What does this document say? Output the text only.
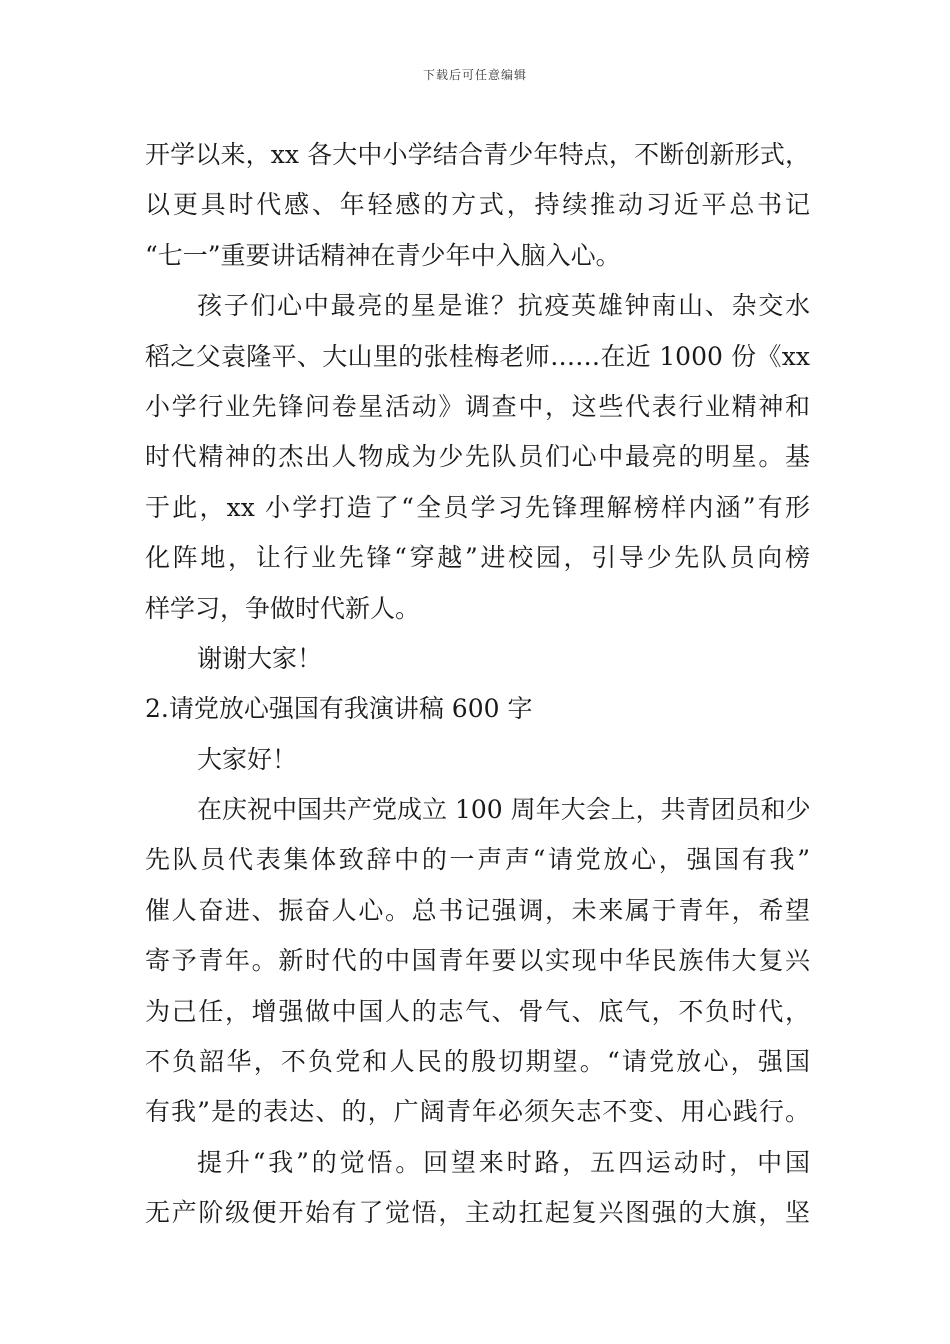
下载后可任意编辑
开学以来，xx 各大中小学结合青少年特点，不断创新形式，
以更具时代感、年轻感的方式，持续推动习近平总书记
“七一”重要讲话精神在青少年中入脑入心。
孩子们心中最亮的星是谁？抗疫英雄钟南山、杂交水
稻之父袁隆平、大山里的张桂梅老师……在近 1000 份《xx
小学行业先锋问卷星活动》调查中，这些代表行业精神和
时代精神的杰出人物成为少先队员们心中最亮的明星。基
于此，xx 小学打造了“全员学习先锋理解榜样内涵”有形
化阵地，让行业先锋“穿越”进校园，引导少先队员向榜
样学习，争做时代新人。
谢谢大家！
2.请党放心强国有我演讲稿 600 字
大家好！
在庆祝中国共产党成立 100 周年大会上，共青团员和少
先队员代表集体致辞中的一声声“请党放心，强国有我”
催人奋进、振奋人心。总书记强调，未来属于青年，希望
寄予青年。新时代的中国青年要以实现中华民族伟大复兴
为己任，增强做中国人的志气、骨气、底气，不负时代，
不负韶华，不负党和人民的殷切期望。“请党放心，强国
有我”是的表达、的，广阔青年必须矢志不变、用心践行。
提升“我”的觉悟。回望来时路，五四运动时，中国
无产阶级便开始有了觉悟，主动扛起复兴图强的大旗，坚
